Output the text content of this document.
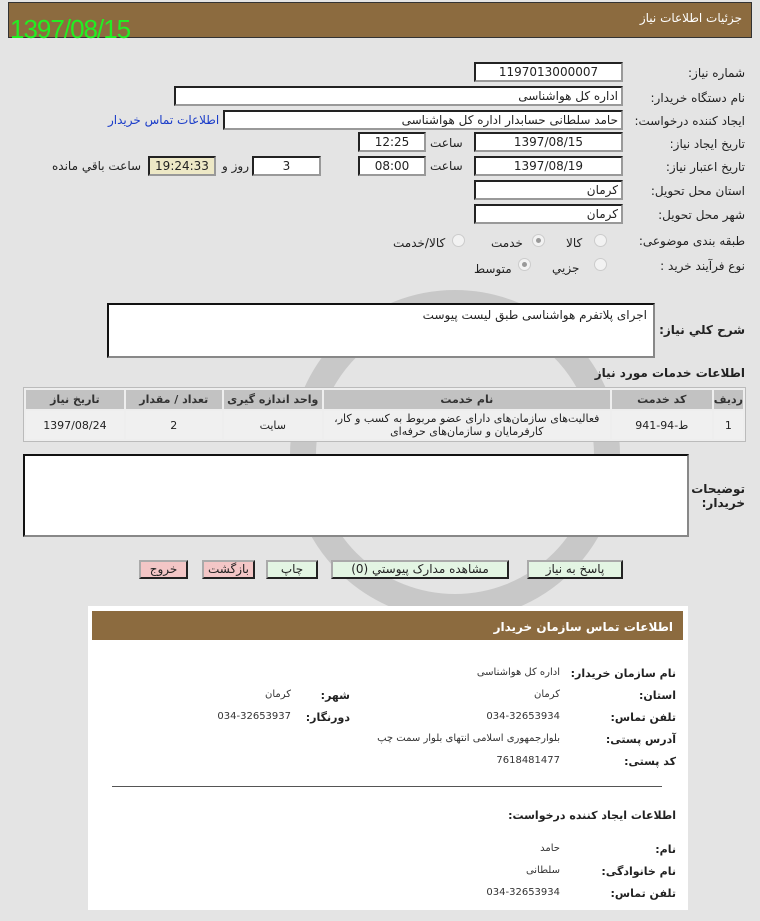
جزئیات اطلاعات نیاز
1397/08/15
شماره نیاز:
1197013000007
نام دستگاه خریدار:
اداره کل هواشناسی
ایجاد کننده درخواست:
حامد سلطانی حسابدار اداره کل هواشناسی
اطلاعات تماس خریدار
تاریخ ایجاد نیاز:
1397/08/15
ساعت
12:25
تاریخ اعتبار نیاز:
1397/08/19
ساعت
08:00
3
روز و
19:24:33
ساعت باقي مانده
استان محل تحویل:
کرمان
شهر محل تحویل:
کرمان
طبقه بندی موضوعی:
کالا
خدمت
کالا/خدمت
نوع فرآیند خرید :
جزیي
متوسط
شرح کلي نياز:
اجرای پلاتفرم هواشناسی طبق لیست پیوست
اطلاعات خدمات مورد نیاز
ردیف	کد خدمت	نام خدمت	واحد اندازه گیری	تعداد / مقدار	تاریخ نیاز
1	ط-94-941	فعالیت‌های سازمان‌های دارای عضو مربوط به کسب و کار، کارفرمایان و سازمان‌های حرفه‌ای	سایت	2	1397/08/24
توضیحات خریدار:
پاسخ به نیاز
مشاهده مدارک پیوستي (0)
چاپ
بازگشت
خروج
اطلاعات تماس سازمان خریدار
نام سازمان خریدار:
اداره کل هواشناسی
استان:
کرمان
شهر:
کرمان
تلفن تماس:
034-32653934
دورنگار:
034-32653937
آدرس پستی:
بلوارجمهوری اسلامی انتهای بلوار سمت چپ
کد پستی:
7618481477
اطلاعات ایجاد کننده درخواست:
نام:
حامد
نام خانوادگی:
سلطانی
تلفن تماس:
034-32653934
